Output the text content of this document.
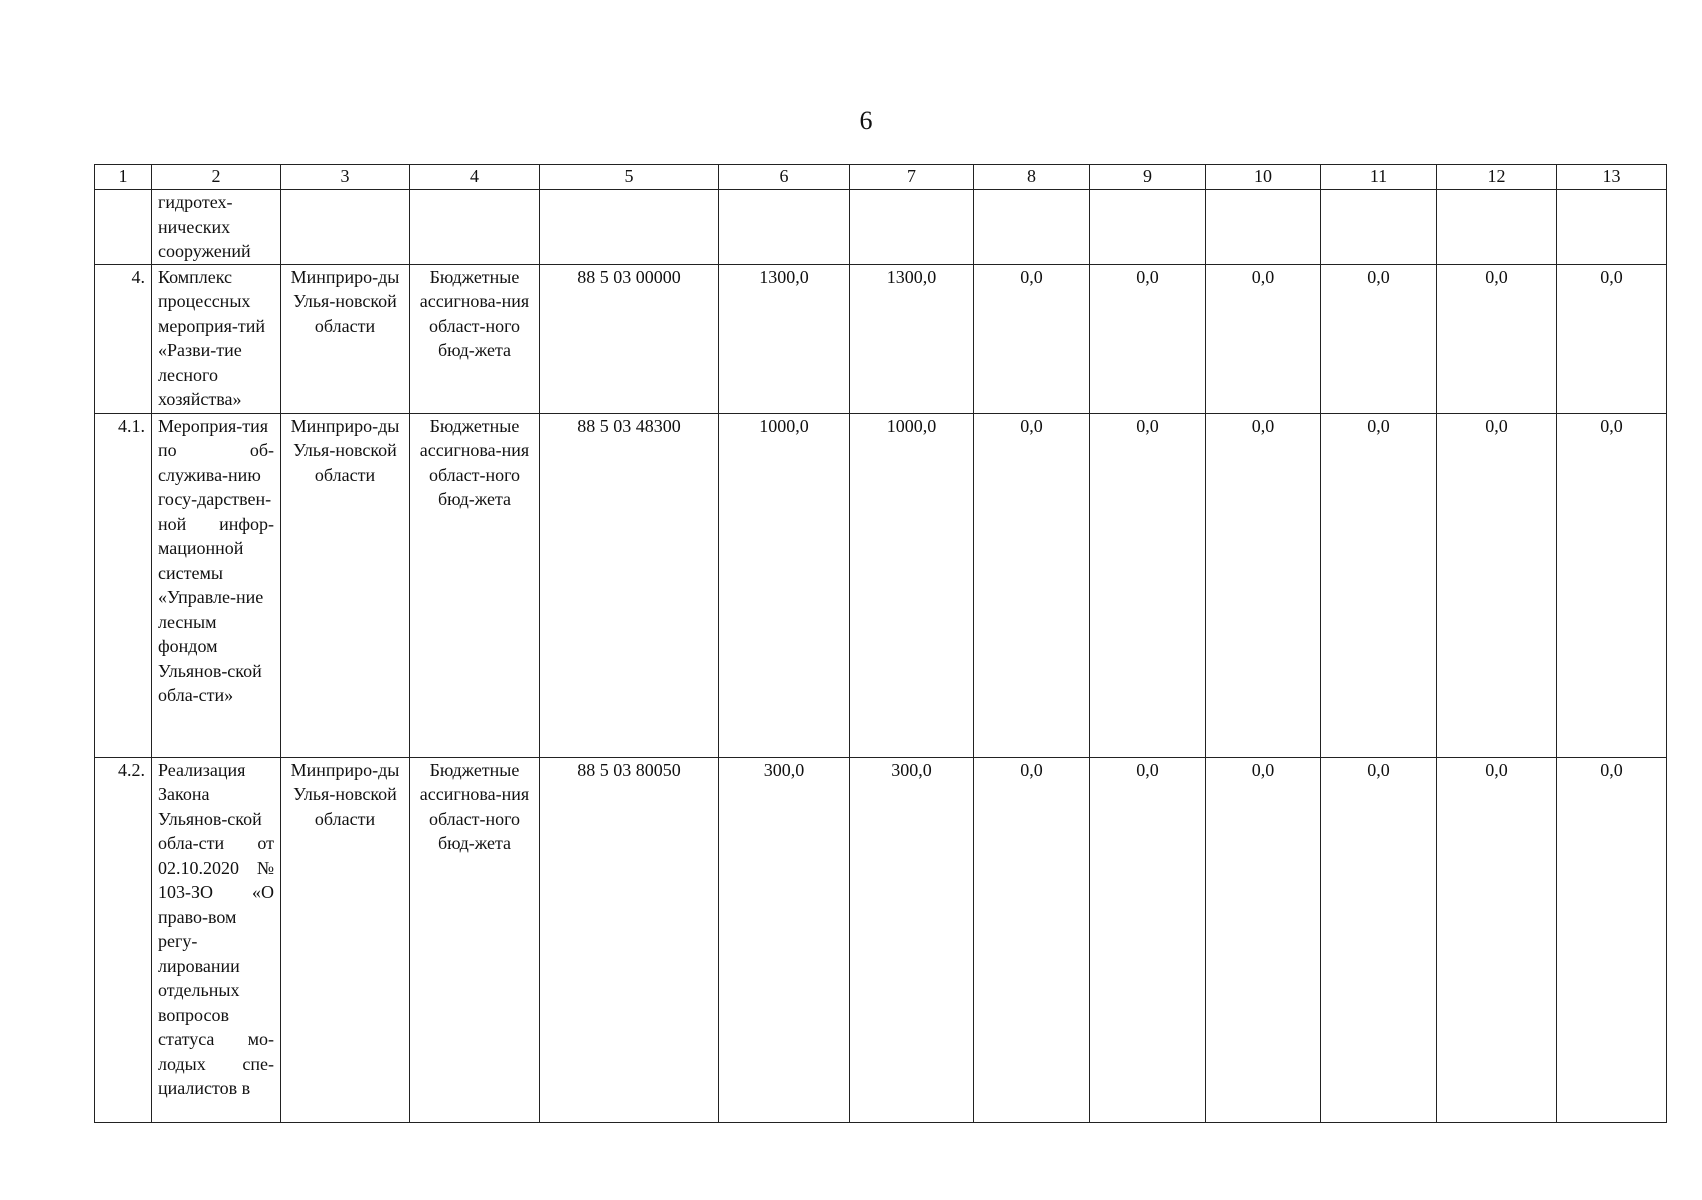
6
1	2	3	4	5	6	7	8	9	10	11	12	13
	гидротех-
нических
сооружений											
4.	Комплекс процессных мероприя-тий «Разви-тие лесного хозяйства»	Минприро-ды Улья-новской области	Бюджетные ассигнова-ния област-ного бюд-жета	88 5 03 00000	1300,0	1300,0	0,0	0,0	0,0	0,0	0,0	0,0
4.1.	Мероприя-тия по об-служива-нию госу-дарствен-ной инфор-мационной системы «Управле-ние лесным фондом Ульянов-ской обла-сти»	Минприро-ды Улья-новской области	Бюджетные ассигнова-ния област-ного бюд-жета	88 5 03 48300	1000,0	1000,0	0,0	0,0	0,0	0,0	0,0	0,0
4.2.	Реализация Закона Ульянов-ской обла-сти от 02.10.2020 № 103-ЗО «О право-вом регу-лировании отдельных вопросов статуса мо-лодых спе-циалистов в	Минприро-ды Улья-новской области	Бюджетные ассигнова-ния област-ного бюд-жета	88 5 03 80050	300,0	300,0	0,0	0,0	0,0	0,0	0,0	0,0
